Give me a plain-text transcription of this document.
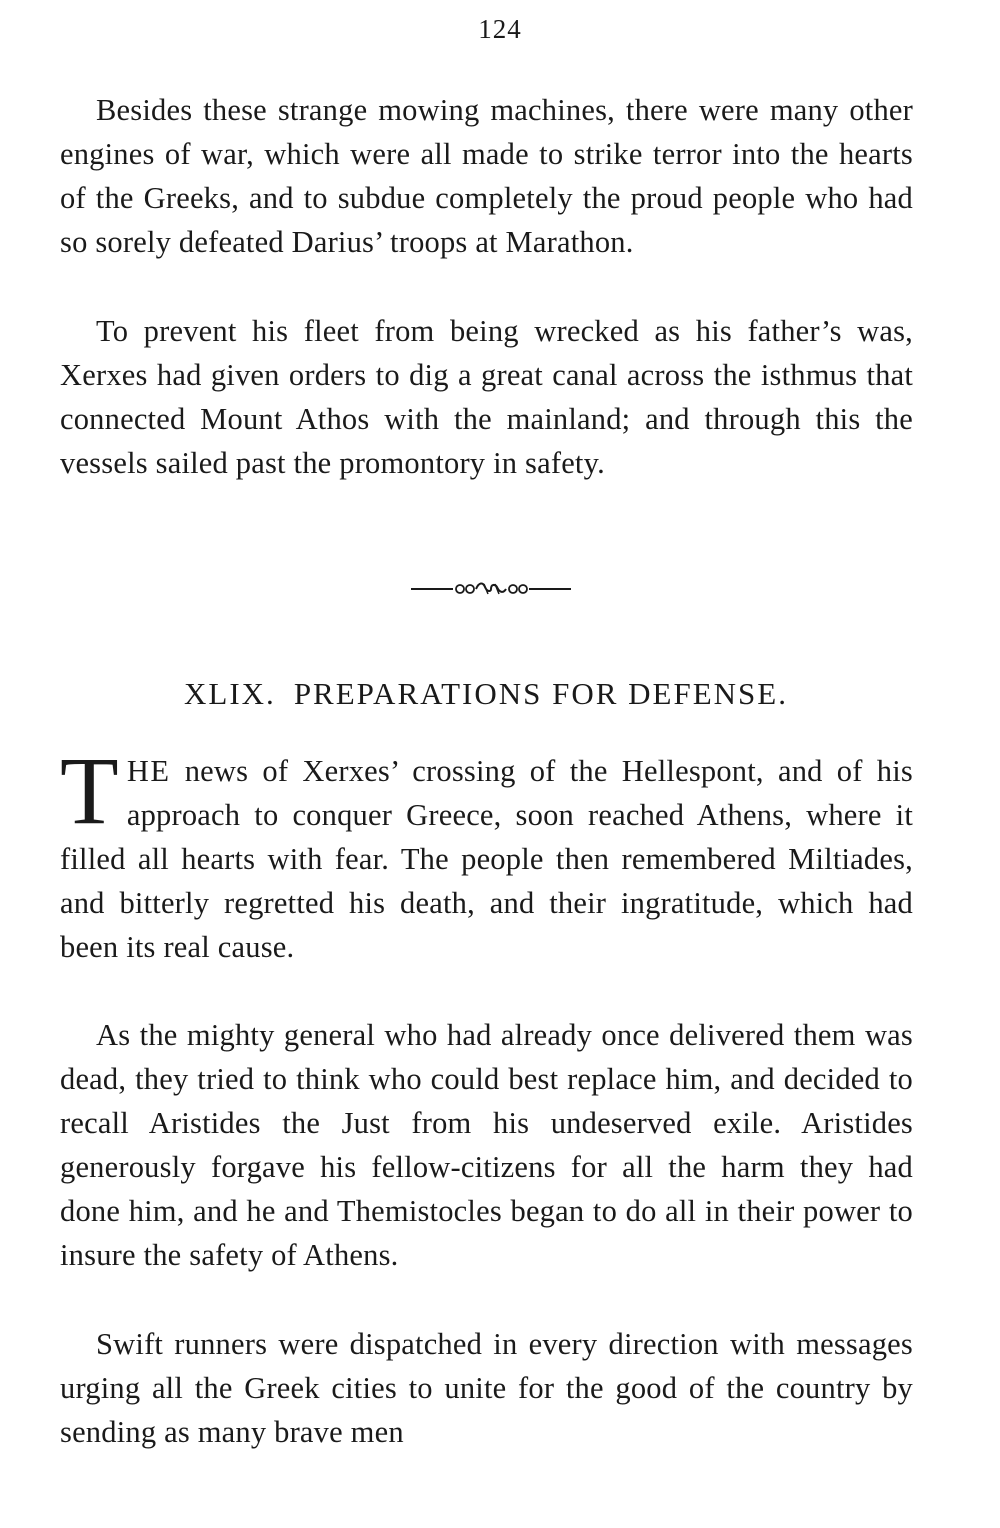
124

Besides these strange mowing machines, there were many other engines of war, which were all made to strike terror into the hearts of the Greeks, and to subdue completely the proud people who had so sorely defeated Darius’ troops at Marathon.

To prevent his fleet from being wrecked as his father’s was, Xerxes had given orders to dig a great canal across the isthmus that connected Mount Athos with the mainland; and through this the vessels sailed past the promontory in safety.

XLIX. PREPARATIONS FOR DEFENSE.

THE news of Xerxes’ crossing of the Hellespont, and of his approach to conquer Greece, soon reached Athens, where it filled all hearts with fear. The people then remembered Miltiades, and bitterly regretted his death, and their ingratitude, which had been its real cause.

As the mighty general who had already once delivered them was dead, they tried to think who could best replace him, and decided to recall Aristides the Just from his undeserved exile. Aristides generously forgave his fellow-citizens for all the harm they had done him, and he and Themistocles began to do all in their power to insure the safety of Athens.

Swift runners were dispatched in every direction with messages urging all the Greek cities to unite for the good of the country by sending as many brave men
